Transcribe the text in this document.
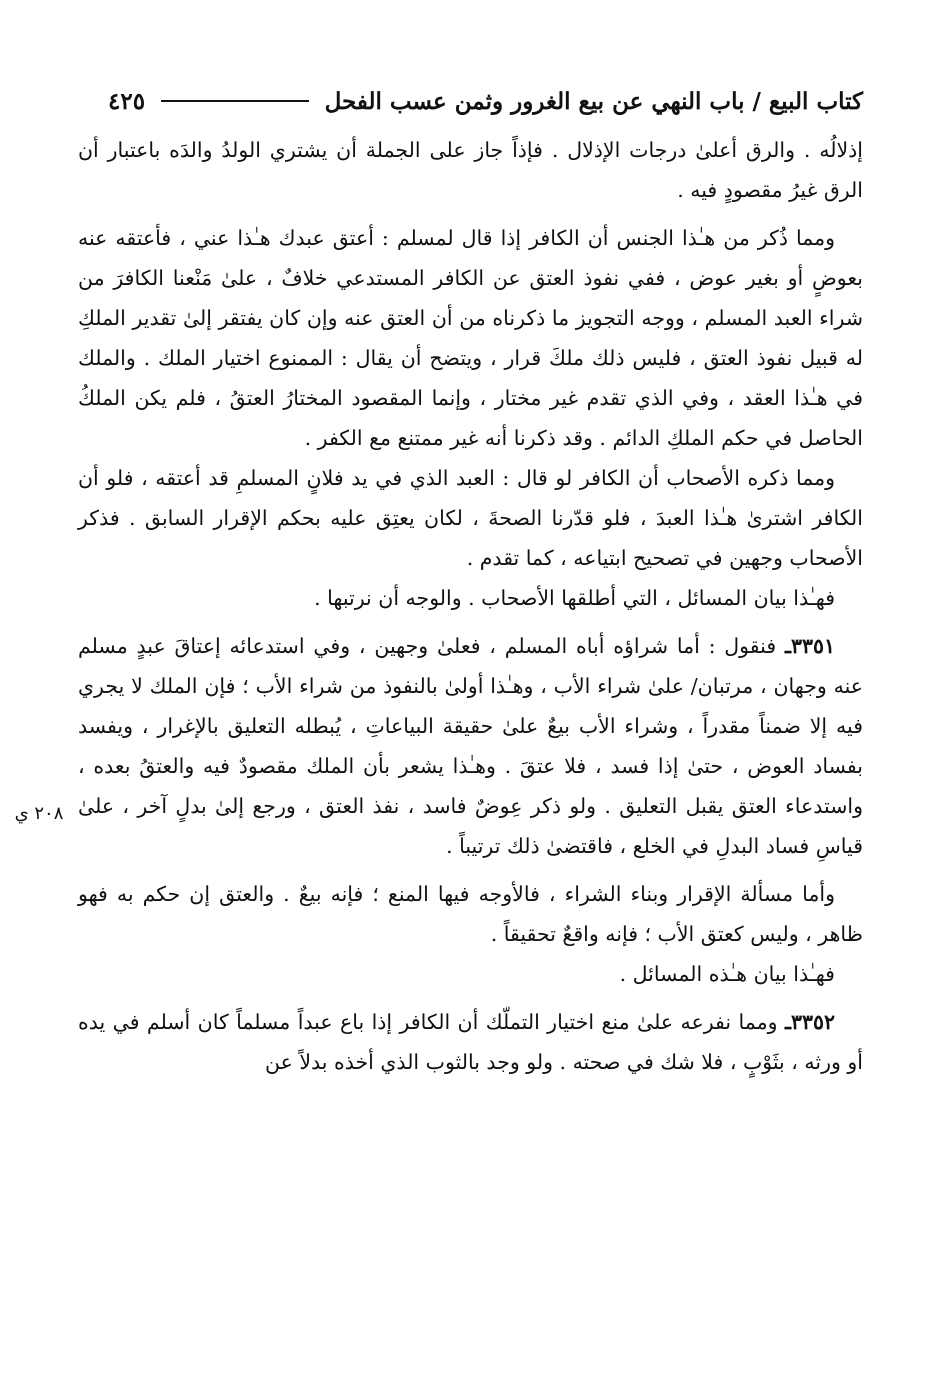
كتاب البيع / باب النهي عن بيع الغرور وثمن عسب الفحل
٤٢٥

إذلالُه . والرق أعلىٰ درجات الإذلال . فإذاً جاز على الجملة أن يشتري الولدُ والدَه باعتبار أن الرق غيرُ مقصودٍ فيه .

ومما ذُكر من هـٰذا الجنس أن الكافر إذا قال لمسلم : أعتق عبدك هـٰذا عني ، فأعتقه عنه بعوضٍ أو بغير عوض ، ففي نفوذ العتق عن الكافر المستدعي خلافٌ ، علىٰ مَنْعنا الكافرَ من شراء العبد المسلم ، ووجه التجويز ما ذكرناه من أن العتق عنه وإن كان يفتقر إلىٰ تقدير الملكِ له قبيل نفوذ العتق ، فليس ذلك ملكَ قرار ، ويتضح أن يقال : الممنوع اختيار الملك . والملك في هـٰذا العقد ، وفي الذي تقدم غير مختار ، وإنما المقصود المختارُ العتقُ ، فلم يكن الملكُ الحاصل في حكم الملكِ الدائم . وقد ذكرنا أنه غير ممتنع مع الكفر .

ومما ذكره الأصحاب أن الكافر لو قال : العبد الذي في يد فلانٍ المسلمِ قد أعتقه ، فلو أن الكافر اشترىٰ هـٰذا العبدَ ، فلو قدّرنا الصحةَ ، لكان يعتِق عليه بحكم الإقرار السابق . فذكر الأصحاب وجهين في تصحيح ابتياعه ، كما تقدم .

فهـٰذا بيان المسائل ، التي أطلقها الأصحاب . والوجه أن نرتبها .

٣٣٥١ـ فنقول : أما شراؤه أباه المسلم ، فعلىٰ وجهين ، وفي استدعائه إعتاقَ عبدٍ مسلم عنه وجهان ، مرتبان/ علىٰ شراء الأب ، وهـٰذا أولىٰ بالنفوذ من شراء الأب ؛ فإن الملك لا يجري فيه إلا ضمناً مقدراً ، وشراء الأب بيعٌ علىٰ حقيقة البياعاتِ ، يُبطله التعليق بالإغرار ، ويفسد بفساد العوض ، حتىٰ إذا فسد ، فلا عتقَ . وهـٰذا يشعر بأن الملك مقصودٌ فيه والعتقُ بعده ، واستدعاء العتق يقبل التعليق . ولو ذكر عِوضٌ فاسد ، نفذ العتق ، ورجع إلىٰ بدلٍ آخر ، علىٰ قياسِ فساد البدلِ في الخلع ، فاقتضىٰ ذلك ترتيباً .

وأما مسألة الإقرار وبناء الشراء ، فالأوجه فيها المنع ؛ فإنه بيعٌ . والعتق إن حكم به فهو ظاهر ، وليس كعتق الأب ؛ فإنه واقعٌ تحقيقاً .

فهـٰذا بيان هـٰذه المسائل .

٣٣٥٢ـ ومما نفرعه علىٰ منع اختيار التملّك أن الكافر إذا باع عبداً مسلماً كان أسلم في يده أو ورثه ، بثَوْبٍ ، فلا شك في صحته . ولو وجد بالثوب الذي أخذه بدلاً عن

٢٠٨ ي
